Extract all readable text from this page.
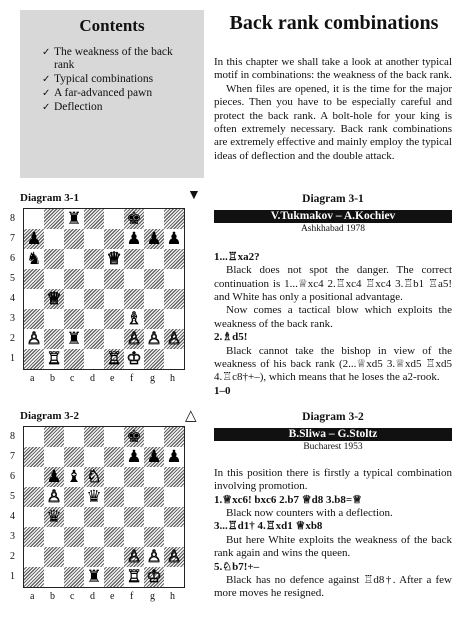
Contents
✓ The weakness of the back rank
✓ Typical combinations
✓ A far-advanced pawn
✓ Deflection
Back rank combinations

In this chapter we shall take a look at another typical motif in combinations: the weakness of the back rank.

When files are opened, it is the time for the major pieces. Then you have to be especially careful and protect the back rank. A bolt-hole for your king is often extremely necessary. Back rank combinations are extremely effective and mainly employ the typical ideas of deflection and the double attack.

Diagram 3-1	▼
♜	♚
♟	♟ ♟ ♟
♞	♕
♕
♗
♙ ♜	♙ ♙ ♙
♖	♖ ♔
8
7
6
5
4
3
2
1
a b c d e f g h
Diagram 3-2	△
♚
♟ ♟ ♟
♟ ♝ ♘
♙ ♛
♛
♙ ♙ ♙
♜ ♖ ♔
8
7
6
5
4
3
2
1
a b c d e f g h
Diagram 3-1
V.Tukmakov – A.Kochiev
Ashkhabad 1978

1...♖xa2?

Black does not spot the danger. The correct continuation is 1...♕xc4 2.♖xc4 ♖xc4 3.♖b1 ♖a5! and White has only a positional advantage.

Now comes a tactical blow which exploits the weakness of the back rank.

2.♗d5!

Black cannot take the bishop in view of the weakness of his back rank (2...♕xd5 3.♕xd5 ♖xd5 4.♖c8†+–), which means that he loses the a2-rook.

1–0

Diagram 3-2
B.Sliwa – G.Stoltz
Bucharest 1953

In this position there is firstly a typical combination involving promotion.

1.♕xc6! bxc6 2.b7 ♕d8 3.b8=♕

Black now counters with a deflection.

3...♖d1† 4.♖xd1 ♕xb8

But here White exploits the weakness of the back rank again and wins the queen.

5.♘b7!+–

Black has no defence against ♖d8†. After a few more moves he resigned.
